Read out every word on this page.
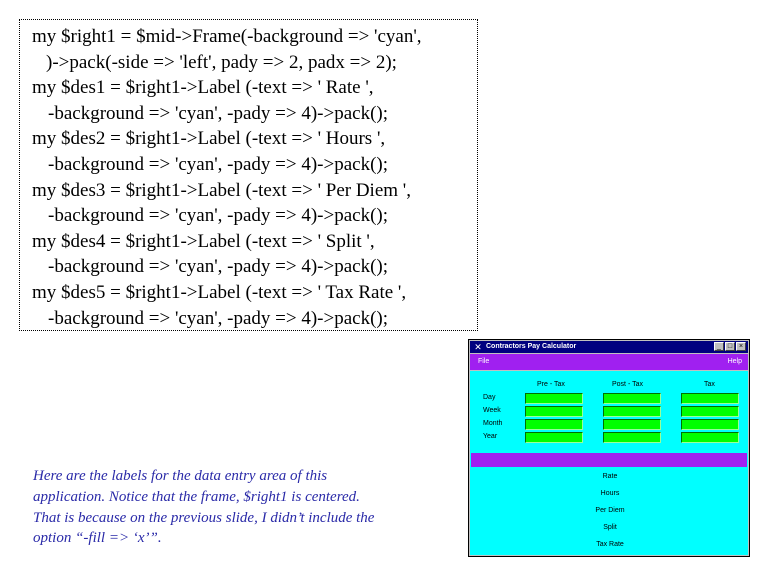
my $right1 = $mid->Frame(-background => 'cyan',
)->pack(-side => 'left', pady => 2, padx => 2);
my $des1 = $right1->Label (-text => ' Rate ',
-background => 'cyan', -pady => 4)->pack();
my $des2 = $right1->Label (-text => ' Hours ',
-background => 'cyan', -pady => 4)->pack();
my $des3 = $right1->Label (-text => ' Per Diem ',
-background => 'cyan', -pady => 4)->pack();
my $des4 = $right1->Label (-text => ' Split ',
-background => 'cyan', -pady => 4)->pack();
my $des5 = $right1->Label (-text => ' Tax Rate ',
-background => 'cyan', -pady => 4)->pack();
Here are the labels for the data entry area of this
application. Notice that the frame, $right1 is centered.
That is because on the previous slide, I didn’t include the
option “-fill => ‘x’”.
✕ Contractors Pay Calculator	_ □ ×
File	Help
Pre - Tax	Post - Tax	Tax
Day
Week
Month
Year
Rate
Hours
Per Diem
Split
Tax Rate
